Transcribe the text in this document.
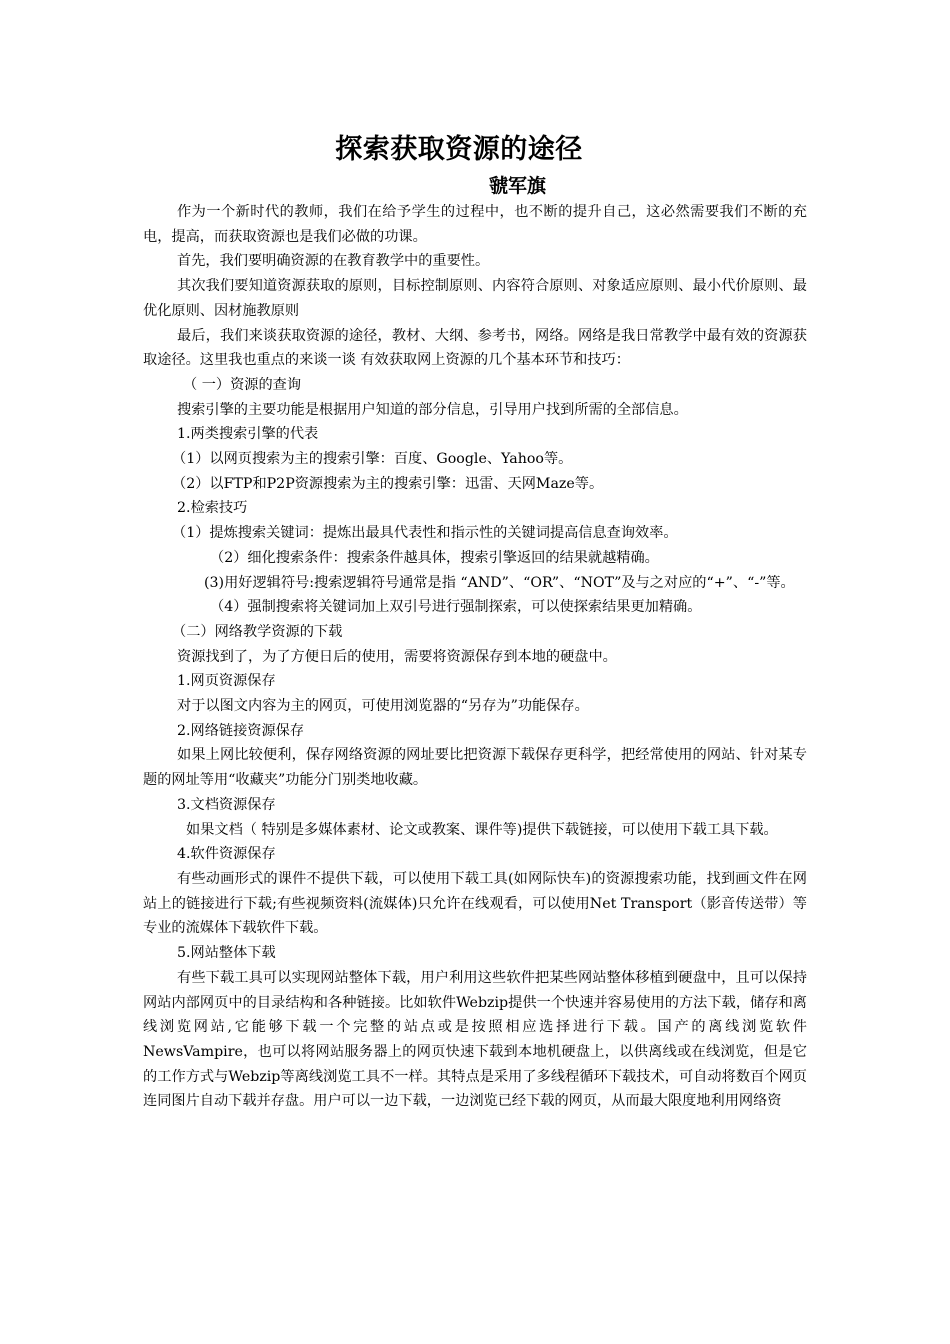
探索获取资源的途径
虢军旗

作为一个新时代的教师，我们在给予学生的过程中，也不断的提升自己，这必然需要我们不断的充电，提高，而获取资源也是我们必做的功课。

首先，我们要明确资源的在教育教学中的重要性。

其次我们要知道资源获取的原则，目标控制原则、内容符合原则、对象适应原则、最小代价原则、最优化原则、因材施教原则

最后，我们来谈获取资源的途径，教材、大纲、参考书，网络。网络是我日常教学中最有效的资源获取途径。这里我也重点的来谈一谈 有效获取网上资源的几个基本环节和技巧：

（ 一）资源的查询

搜索引擎的主要功能是根据用户知道的部分信息，引导用户找到所需的全部信息。

1.两类搜索引擎的代表

（1）以网页搜索为主的搜索引擎：百度、Google、Yahoo等。

（2）以FTP和P2P资源搜索为主的搜索引擎：迅雷、天网Maze等。

2.检索技巧

（1）提炼搜索关键词：提炼出最具代表性和指示性的关键词提高信息查询效率。

（2）细化搜索条件：搜索条件越具体，搜索引擎返回的结果就越精确。

(3)用好逻辑符号:搜索逻辑符号通常是指 “AND”、“OR”、“NOT”及与之对应的“+”、“-”等。

（4）强制搜索将关键词加上双引号进行强制探索，可以使探索结果更加精确。

（二）网络教学资源的下载

资源找到了，为了方便日后的使用，需要将资源保存到本地的硬盘中。

1.网页资源保存

对于以图文内容为主的网页，可使用浏览器的“另存为”功能保存。

2.网络链接资源保存

如果上网比较便利，保存网络资源的网址要比把资源下载保存更科学，把经常使用的网站、针对某专题的网址等用“收藏夹”功能分门别类地收藏。

3.文档资源保存

如果文档（ 特别是多媒体素材、论文或教案、课件等)提供下载链接，可以使用下载工具下载。

4.软件资源保存

有些动画形式的课件不提供下载，可以使用下载工具(如网际快车)的资源搜索功能，找到画文件在网站上的链接进行下载;有些视频资料(流媒体)只允许在线观看，可以使用Net Transport（影音传送带）等专业的流媒体下载软件下载。

5.网站整体下载

有些下载工具可以实现网站整体下载，用户利用这些软件把某些网站整体移植到硬盘中，且可以保持网站内部网页中的目录结构和各种链接。比如软件Webzip提供一个快速并容易使用的方法下载，储存和离线浏览网站,它能够下载一个完整的站点或是按照相应选择进行下载。国产的离线浏览软件NewsVampire，也可以将网站服务器上的网页快速下载到本地机硬盘上，以供离线或在线浏览，但是它的工作方式与Webzip等离线浏览工具不一样。其特点是采用了多线程循环下载技术，可自动将数百个网页连同图片自动下载并存盘。用户可以一边下载，一边浏览已经下载的网页，从而最大限度地利用网络资
